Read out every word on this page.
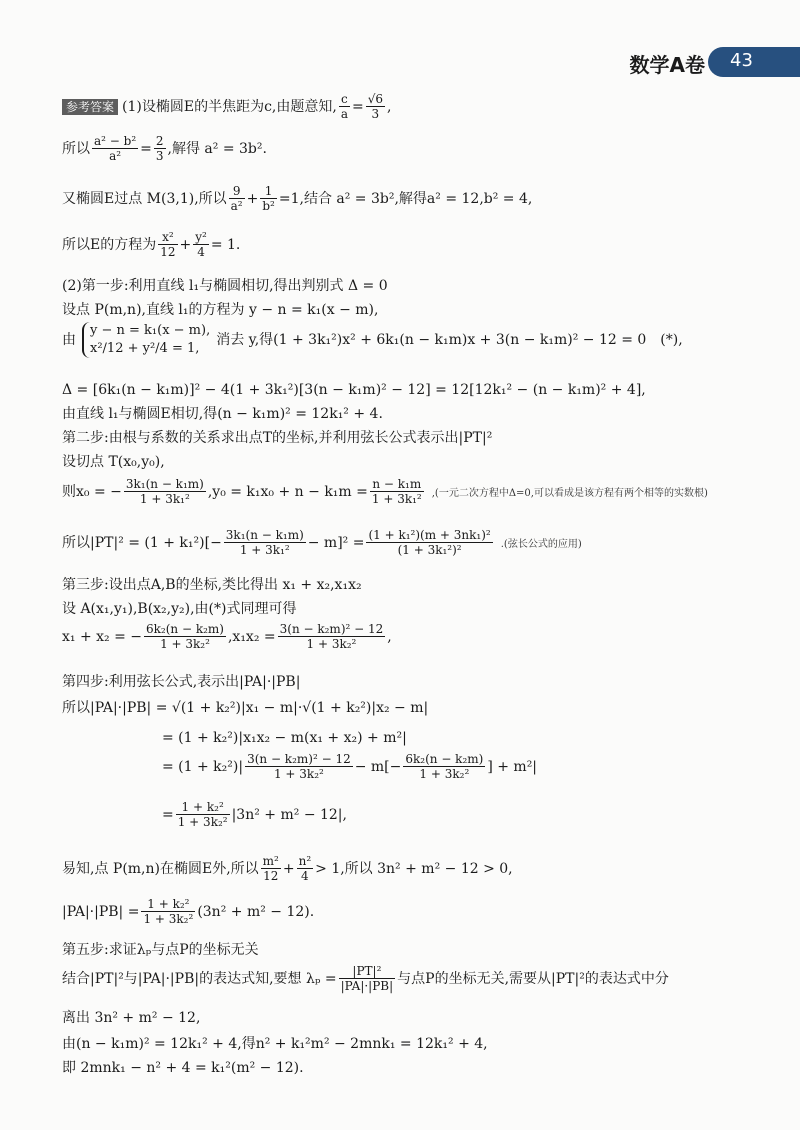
数学A卷 43
参考答案 (1)设椭圆E的半焦距为c,由题意知, $\frac{c}{a} = \frac{√6}{3}$ ,
所以 $\frac{\text{a² − b²}}{\text{a²}} = \frac{2}{3}$ ,解得 a² = 3b².
又椭圆E过点 M(3,1),所以 $\frac{9}{\text{a²}} + \frac{1}{\text{b²}} =1$,结合 a² = 3b²,解得a² = 12,b² = 4,
所以E的方程为 $\frac{\text{x²}}{12} + \frac{\text{y²}}{4} = 1$.
(2)第一步:利用直线 l₁与椭圆相切,得出判别式 Δ = 0
设点 P(m,n),直线 l₁的方程为 y − n = k₁(x − m),
由
y − n = k₁(x − m),
x²/12 + y²/4 = 1,
消去 y,得(1 + 3k₁²)x² + 6k₁(n − k₁m)x + 3(n − k₁m)² − 12 = 0　(*),
Δ = [6k₁(n − k₁m)]² − 4(1 + 3k₁²)[3(n − k₁m)² − 12] = 12[12k₁² − (n − k₁m)² + 4],
由直线 l₁与椭圆E相切,得(n − k₁m)² = 12k₁² + 4.
第二步:由根与系数的关系求出点T的坐标,并利用弦长公式表示出|PT|²
设切点 T(x₀,y₀),
则x₀ = − $\frac{\text{3k₁(n − k₁m)}}{\text{1 + 3k₁²}} ,y_0 = k_1x_0 + n - k_1m = \frac{\text{n − k₁m}}{\text{1 + 3k₁²}}$ ,(一元二次方程中Δ=0,可以看成是该方程有两个相等的实数根)
所以$|PT|^2 = (1 + k_1^2)[- \frac{\text{3k₁(n − k₁m)}}{\text{1 + 3k₁²}} - m]^2 = \frac{\text{(1 + k₁²)(m + 3nk₁)²}}{\text{(1 + 3k₁²)²}}$ .(弦长公式的应用)
第三步:设出点A,B的坐标,类比得出 x₁ + x₂,x₁x₂
设 A(x₁,y₁),B(x₂,y₂),由(*)式同理可得
x₁ + x₂ = − $\frac{\text{6k₂(n − k₂m)}}{\text{1 + 3k₂²}} ,x_1x_2 = \frac{\text{3(n − k₂m)² − 12}}{\text{1 + 3k₂²}}$ ,
第四步:利用弦长公式,表示出|PA|·|PB|
所以|PA|·|PB| = √(1 + k₂²)|x₁ − m|·√(1 + k₂²)|x₂ − m|
= (1 + k₂²)|x₁x₂ − m(x₁ + x₂) + m²|
= $(1 + k_2^2)| \frac{\text{3(n − k₂m)² − 12}}{\text{1 + 3k₂²}} - m[- \frac{\text{6k₂(n − k₂m)}}{\text{1 + 3k₂²}}$ ] + m²|
= $\frac{\text{1 + k₂²}}{\text{1 + 3k₂²}} |3n^2 + m^2 - 12|$,
易知,点 P(m,n)在椭圆E外,所以 $\frac{\text{m²}}{12} + \frac{\text{n²}}{4} > 1$,所以 3n² + m² − 12 > 0,
$|PA|\cdot|PB| = \frac{\text{1 + k₂²}}{\text{1 + 3k₂²}} (3n^2 + m^2 - 12)$.
第五步:求证λₚ与点P的坐标无关
结合|PT|²与|PA|·|PB|的表达式知,要想 $\lambda_p = \frac{\text{|PT|²}}{|PA|\cdot|PB|}$ 与点P的坐标无关,需要从|PT|²的表达式中分
离出 3n² + m² − 12,
由(n − k₁m)² = 12k₁² + 4,得n² + k₁²m² − 2mnk₁ = 12k₁² + 4,
即 2mnk₁ − n² + 4 = k₁²(m² − 12).
